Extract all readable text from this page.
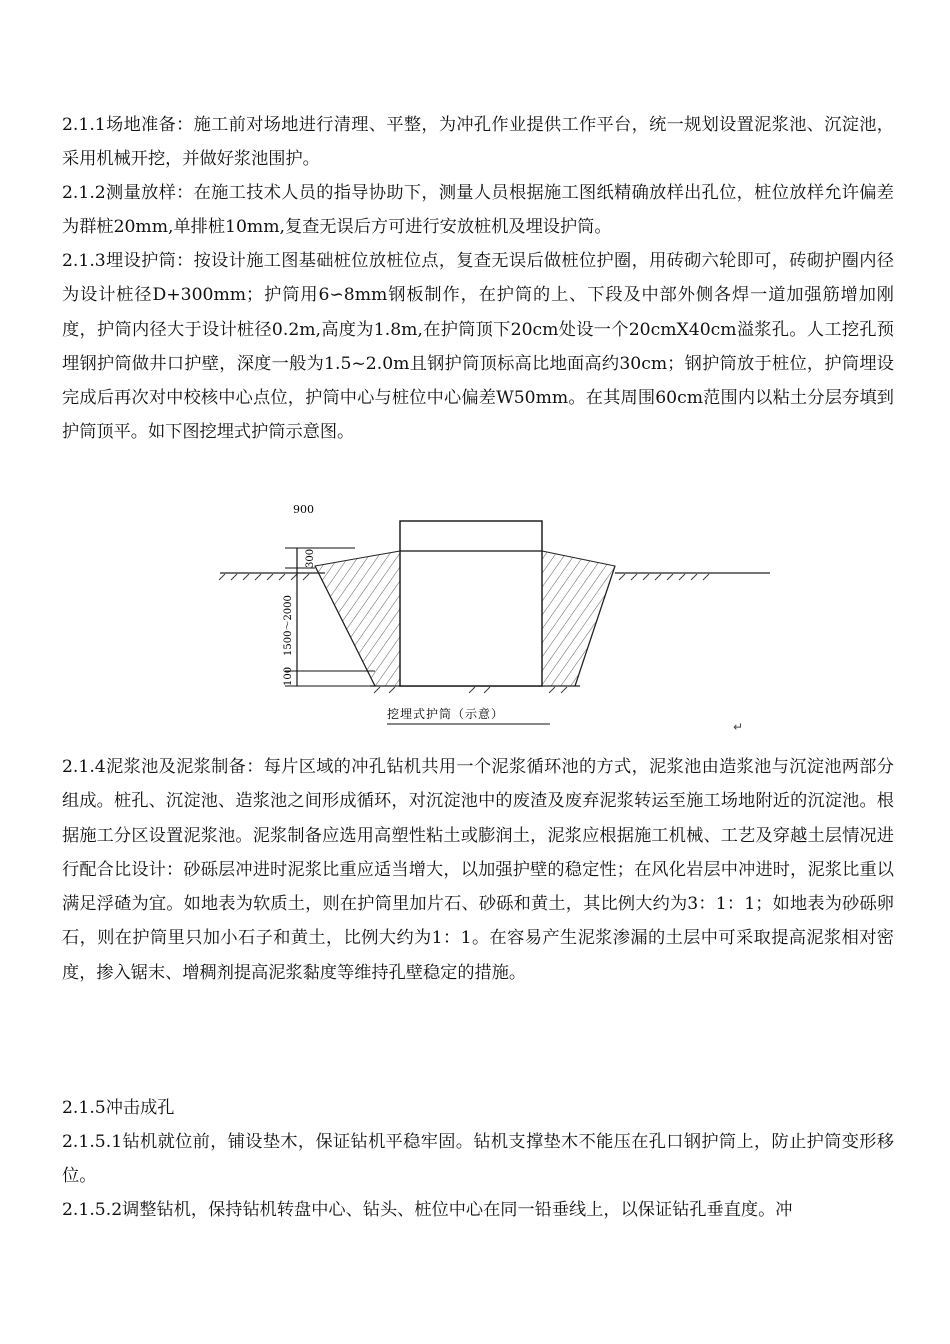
2.1.1场地准备：施工前对场地进行清理、平整，为冲孔作业提供工作平台，统一规划设置泥浆池、沉淀池，采用机械开挖，并做好浆池围护。

2.1.2测量放样：在施工技术人员的指导协助下，测量人员根据施工图纸精确放样出孔位，桩位放样允许偏差为群桩20mm,单排桩10mm,复查无误后方可进行安放桩机及埋设护筒。

2.1.3埋设护筒：按设计施工图基础桩位放桩位点，复查无误后做桩位护圈，用砖砌六轮即可，砖砌护圈内径为设计桩径D+300mm；护筒用6∽8mm钢板制作，在护筒的上、下段及中部外侧各焊一道加强筋增加刚度，护筒内径大于设计桩径0.2m,高度为1.8m,在护筒顶下20cm处设一个20cmX40cm溢浆孔。人工挖孔预埋钢护筒做井口护壁，深度一般为1.5~2.0m且钢护筒顶标高比地面高约30cm；钢护筒放于桩位，护筒埋设完成后再次对中校核中心点位，护筒中心与桩位中心偏差W50mm。在其周围60cm范围内以粘土分层夯填到护筒顶平。如下图挖埋式护筒示意图。

900
300
1500～2000
100
挖埋式护筒（示意）
↵

2.1.4泥浆池及泥浆制备：每片区域的冲孔钻机共用一个泥浆循环池的方式，泥浆池由造浆池与沉淀池两部分组成。桩孔、沉淀池、造浆池之间形成循环，对沉淀池中的废渣及废弃泥浆转运至施工场地附近的沉淀池。根据施工分区设置泥浆池。泥浆制备应选用高塑性粘土或膨润土，泥浆应根据施工机械、工艺及穿越土层情况进行配合比设计：砂砾层冲进时泥浆比重应适当增大，以加强护壁的稳定性；在风化岩层中冲进时，泥浆比重以满足浮碴为宜。如地表为软质土，则在护筒里加片石、砂砾和黄土，其比例大约为3：1：1；如地表为砂砾卵石，则在护筒里只加小石子和黄土，比例大约为1：1。在容易产生泥浆渗漏的土层中可采取提高泥浆相对密度，掺入锯末、增稠剂提高泥浆黏度等维持孔壁稳定的措施。

2.1.5冲击成孔

2.1.5.1钻机就位前，铺设垫木，保证钻机平稳牢固。钻机支撑垫木不能压在孔口钢护筒上，防止护筒变形移位。

2.1.5.2调整钻机，保持钻机转盘中心、钻头、桩位中心在同一铅垂线上，以保证钻孔垂直度。冲
